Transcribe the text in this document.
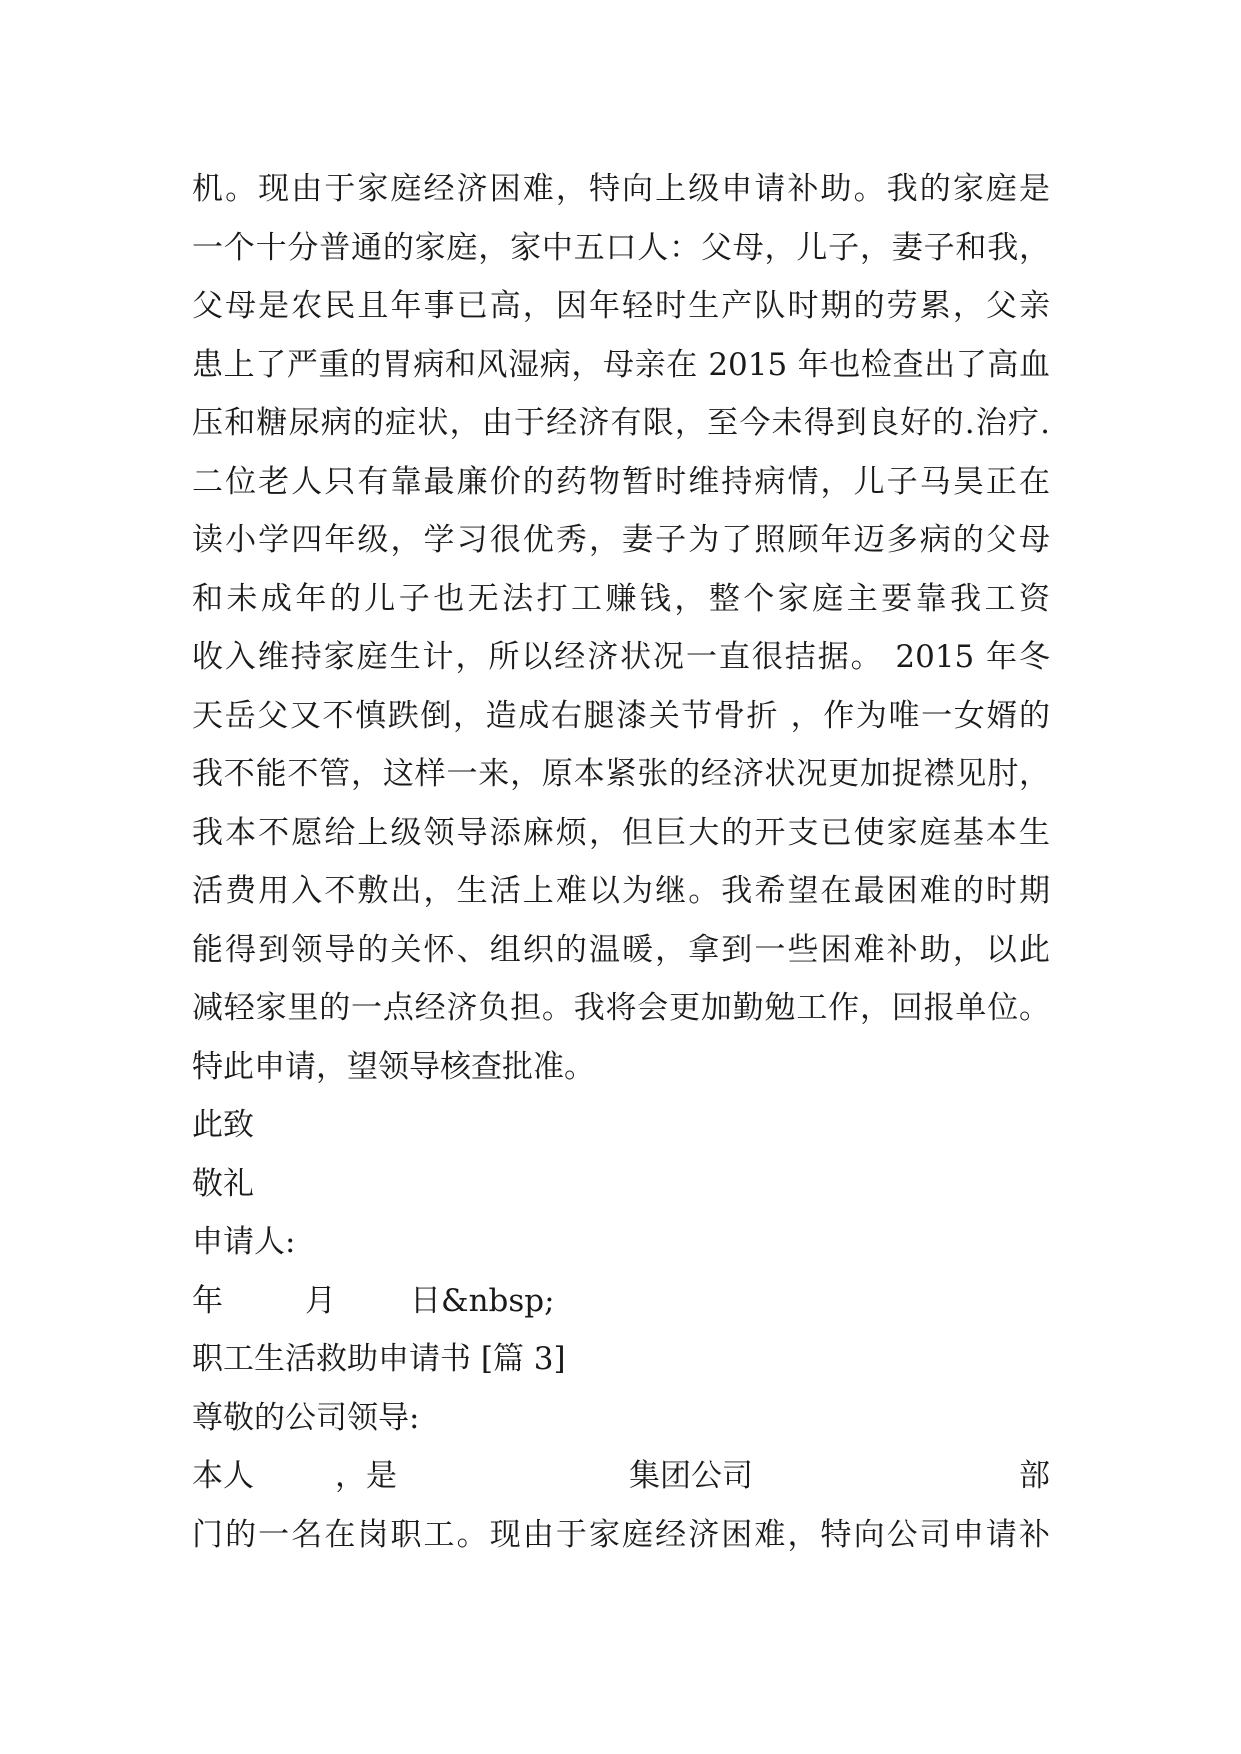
机。现由于家庭经济困难，特向上级申请补助。我的家庭是
一个十分普通的家庭，家中五口人：父母，儿子，妻子和我，
父母是农民且年事已高，因年轻时生产队时期的劳累，父亲
患上了严重的胃病和风湿病，母亲在 2015 年也检查出了高血
压和糖尿病的症状，由于经济有限，至今未得到良好的.治疗.
二位老人只有靠最廉价的药物暂时维持病情，儿子马昊正在
读小学四年级，学习很优秀，妻子为了照顾年迈多病的父母
和未成年的儿子也无法打工赚钱，整个家庭主要靠我工资
收入维持家庭生计，所以经济状况一直很拮据。 2015 年冬
天岳父又不慎跌倒，造成右腿漆关节骨折 ，作为唯一女婿的
我不能不管，这样一来，原本紧张的经济状况更加捉襟见肘，
我本不愿给上级领导添麻烦，但巨大的开支已使家庭基本生
活费用入不敷出，生活上难以为继。我希望在最困难的时期
能得到领导的关怀、组织的温暖，拿到一些困难补助，以此
减轻家里的一点经济负担。我将会更加勤勉工作，回报单位。
特此申请，望领导核查批准。
此致
敬礼
申请人:
年	月 日&nbsp;
职工生活救助申请书 [篇 3]
尊敬的公司领导:
本人	，是	集团公司	部
门的一名在岗职工。现由于家庭经济困难，特向公司申请补
